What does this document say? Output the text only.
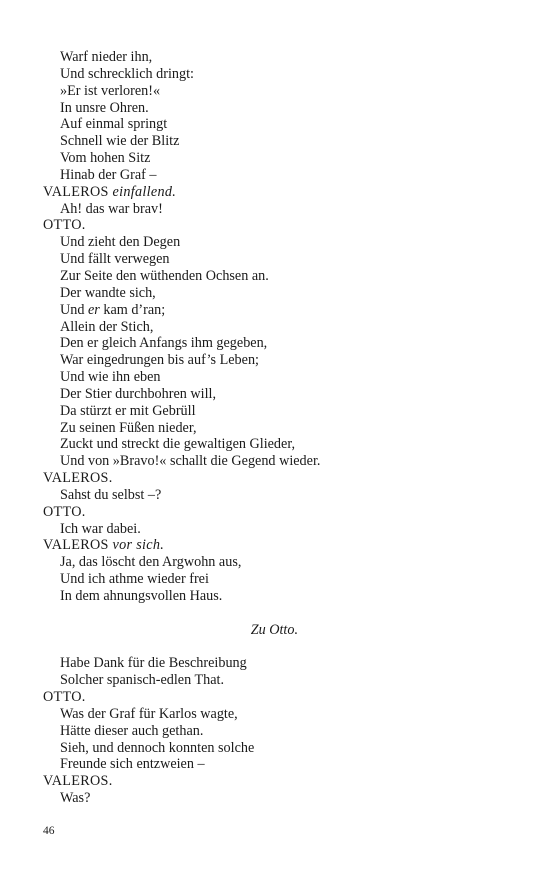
Warf nieder ihn,
Und schrecklich dringt:
»Er ist verloren!«
In unsre Ohren.
Auf einmal springt
Schnell wie der Blitz
Vom hohen Sitz
Hinab der Graf –
VALEROS einfallend.
Ah! das war brav!
OTTO.
Und zieht den Degen
Und fällt verwegen
Zur Seite den wüthenden Ochsen an.
Der wandte sich,
Und er kam d’ran;
Allein der Stich,
Den er gleich Anfangs ihm gegeben,
War eingedrungen bis auf’s Leben;
Und wie ihn eben
Der Stier durchbohren will,
Da stürzt er mit Gebrüll
Zu seinen Füßen nieder,
Zuckt und streckt die gewaltigen Glieder,
Und von »Bravo!« schallt die Gegend wieder.
VALEROS.
Sahst du selbst –?
OTTO.
Ich war dabei.
VALEROS vor sich.
Ja, das löscht den Argwohn aus,
Und ich athme wieder frei
In dem ahnungsvollen Haus.
Zu Otto.
Habe Dank für die Beschreibung
Solcher spanisch-edlen That.
OTTO.
Was der Graf für Karlos wagte,
Hätte dieser auch gethan.
Sieh, und dennoch konnten solche
Freunde sich entzweien –
VALEROS.
Was?
46
